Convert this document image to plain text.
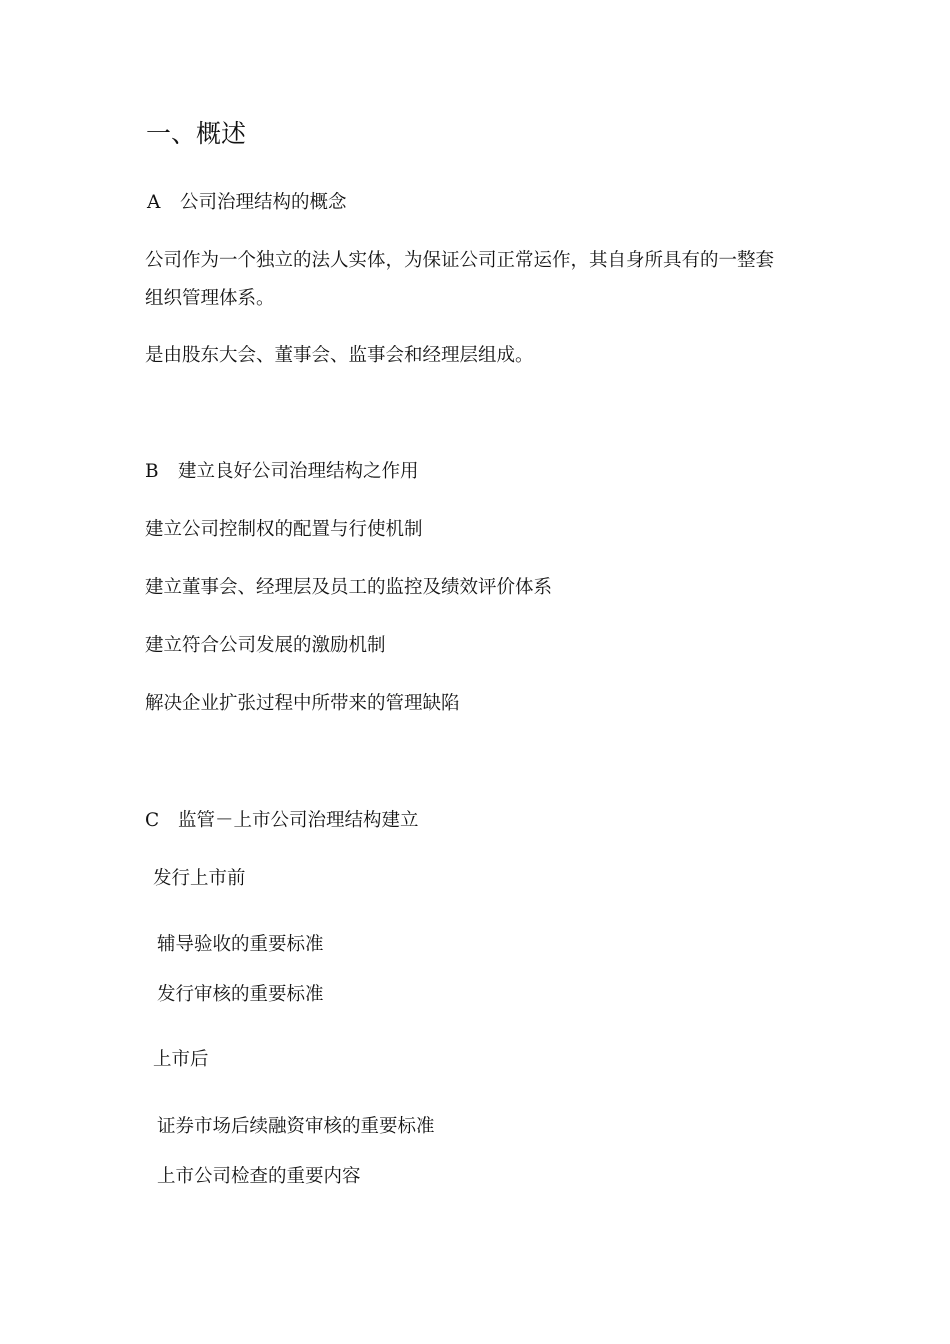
一、概述
A 公司治理结构的概念

公司作为一个独立的法人实体，为保证公司正常运作，其自身所具有的一整套

组织管理体系。

是由股东大会、董事会、监事会和经理层组成。

B 建立良好公司治理结构之作用

建立公司控制权的配置与行使机制

建立董事会、经理层及员工的监控及绩效评价体系

建立符合公司发展的激励机制

解决企业扩张过程中所带来的管理缺陷

C 监管－上市公司治理结构建立

发行上市前

辅导验收的重要标准

发行审核的重要标准

上市后

证券市场后续融资审核的重要标准

上市公司检查的重要内容
